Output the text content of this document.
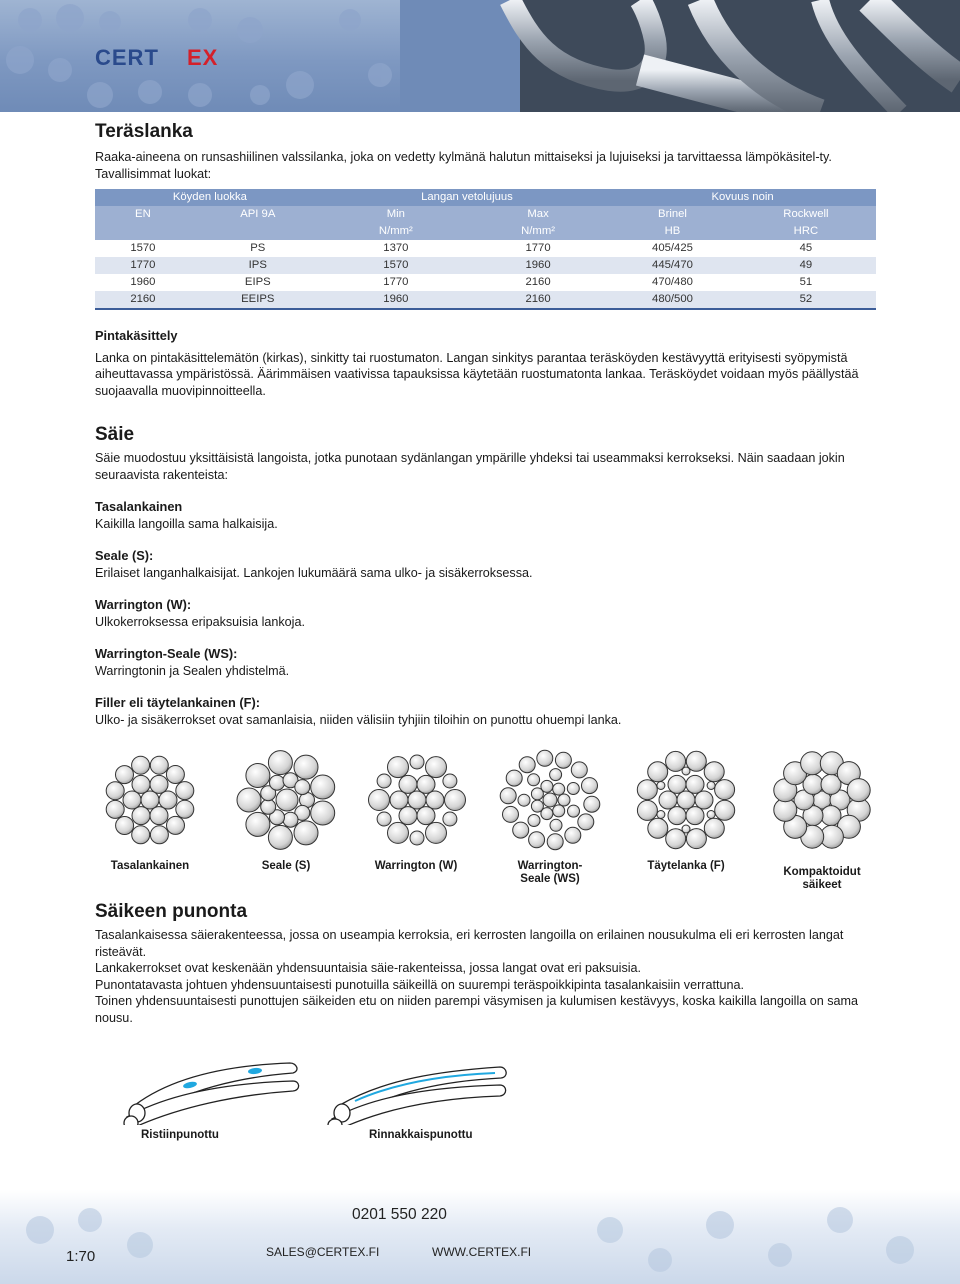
CERT EX
Teräslanka

Raaka-aineena on runsashiilinen valssilanka, joka on vedetty kylmänä halutun mittaiseksi ja lujuiseksi ja tarvittaessa lämpökäsitel-ty. Tavallisimmat luokat:

Köyden luokka		Langan vetolujuus		Kovuus noin	
EN	API 9A	Min	Max	Brinel	Rockwell
		N/mm²	N/mm²	HB	HRC
1570	PS	1370	1770	405/425	45
1770	IPS	1570	1960	445/470	49
1960	EIPS	1770	2160	470/480	51
2160	EEIPS	1960	2160	480/500	52
Pintakäsittely

Lanka on pintakäsittelemätön (kirkas), sinkitty tai ruostumaton. Langan sinkitys parantaa teräsköyden kestävyyttä erityisesti syöpymistä aiheuttavassa ympäristössä. Äärimmäisen vaativissa tapauksissa käytetään ruostumatonta lankaa. Teräsköydet voidaan myös päällystää suojaavalla muovipinnoitteella.

Säie

Säie muodostuu yksittäisistä langoista, jotka punotaan sydänlangan ympärille yhdeksi tai useammaksi kerrokseksi. Näin saadaan jokin seuraavista rakenteista:

Tasalankainen

Kaikilla langoilla sama halkaisija.

Seale (S):

Erilaiset langanhalkaisijat. Lankojen lukumäärä sama ulko- ja sisäkerroksessa.

Warrington (W):

Ulkokerroksessa eripaksuisia lankoja.

Warrington-Seale (WS):

Warringtonin ja Sealen yhdistelmä.

Filler eli täytelankainen (F):

Ulko- ja sisäkerrokset ovat samanlaisia, niiden välisiin tyhjiin tiloihin on punottu ohuempi lanka.

Tasalankainen	Seale (S)	Warrington (W)	Warrington-
Seale (WS)
Täytelanka (F)	Kompaktoidut
säikeet
Säikeen punonta

Tasalankaisessa säierakenteessa, jossa on useampia kerroksia, eri kerrosten langoilla on erilainen nousukulma eli eri kerrosten langat risteävät.

Lankakerrokset ovat keskenään yhdensuuntaisia säie-rakenteissa, jossa langat ovat eri paksuisia.

Punontatavasta johtuen yhdensuuntaisesti punotuilla säikeillä on suurempi teräspoikkipinta tasalankaisiin verrattuna.

Toinen yhdensuuntaisesti punottujen säikeiden etu on niiden parempi väsymisen ja kulumisen kestävyys, koska kaikilla langoilla on sama nousu.

Ristiinpunottu	Rinnakkaispunottu
0201 550 220
1:70	SALES@CERTEX.FI	WWW.CERTEX.FI
